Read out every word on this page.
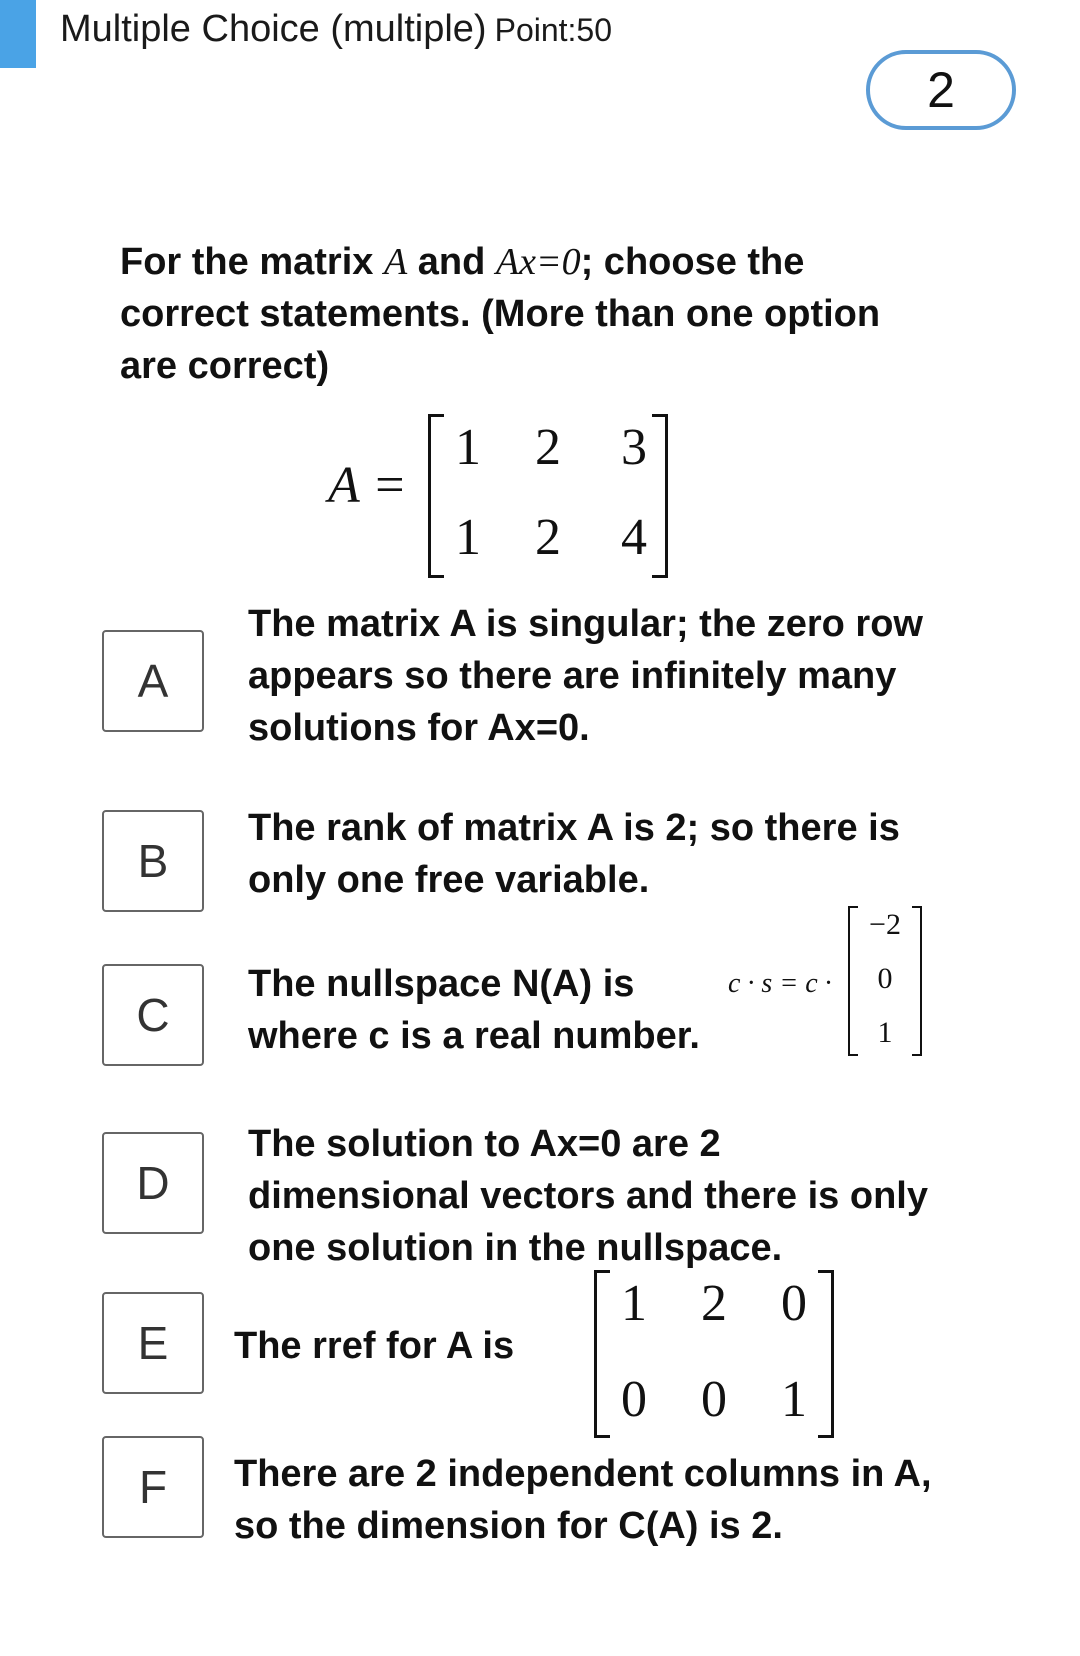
Multiple Choice (multiple) Point:50
2
For the matrix A and Ax=0; choose the correct statements. (More than one option are correct)
A =
1	2	3
1	2	4
A
The matrix A is singular; the zero row appears so there are infinitely many solutions for Ax=0.
B
The rank of matrix A is 2; so there is only one free variable.
C
The nullspace N(A) is
where c is a real number.
c · s = c ·
−2
0
1
D
The solution to Ax=0 are 2 dimensional vectors and there is only one solution in the nullspace.
E	The rref for A is
1	2	0
0	0	1
F	There are 2 independent columns in A, so the dimension for C(A) is 2.
